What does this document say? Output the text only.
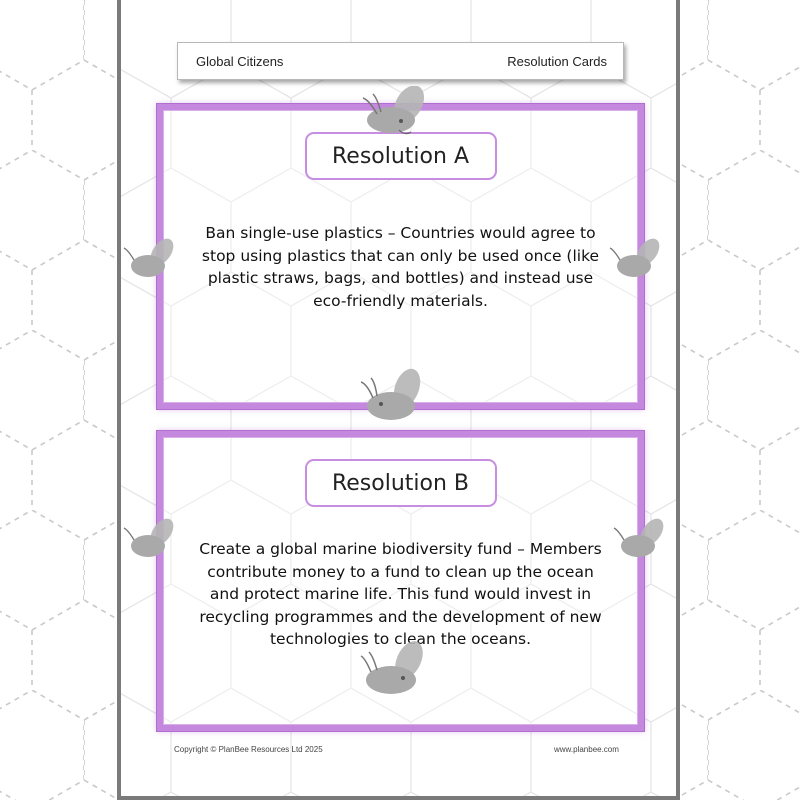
Global Citizens	Resolution Cards
Resolution A
Ban single-use plastics – Countries would agree to stop using plastics that can only be used once (like plastic straws, bags, and bottles) and instead use eco-friendly materials.
Resolution B
Create a global marine biodiversity fund – Members contribute money to a fund to clean up the ocean and protect marine life. This fund would invest in recycling programmes and the development of new technologies to clean the oceans.
Copyright © PlanBee Resources Ltd 2025	www.planbee.com
